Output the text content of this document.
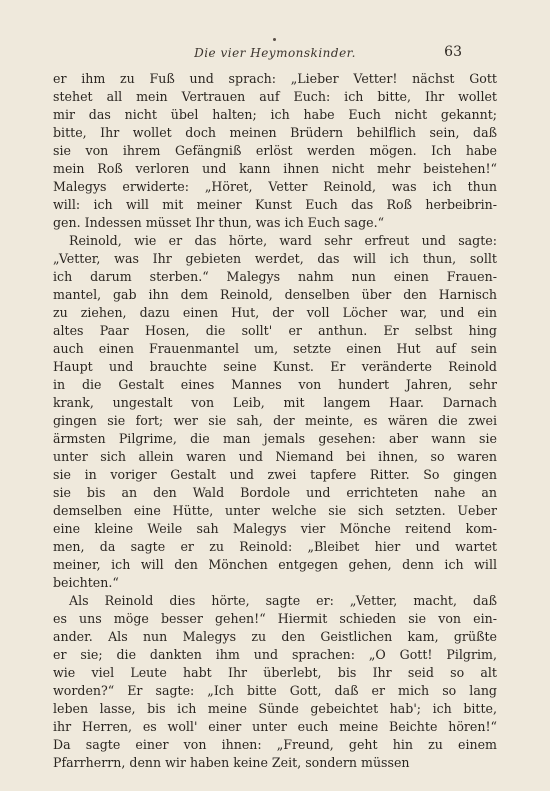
Die vier Heymonskinder.	63

er ihm zu Fuß und sprach: „Lieber Vetter! nächst Gott
stehet all mein Vertrauen auf Euch: ich bitte, Ihr wollet
mir das nicht übel halten; ich habe Euch nicht gekannt;
bitte, Ihr wollet doch meinen Brüdern behilflich sein, daß
sie von ihrem Gefängniß erlöst werden mögen. Ich habe
mein Roß verloren und kann ihnen nicht mehr beistehen!“
Malegys erwiderte: „Höret, Vetter Reinold, was ich thun
will: ich will mit meiner Kunst Euch das Roß herbeibrin-
gen. Indessen müsset Ihr thun, was ich Euch sage.“

Reinold, wie er das hörte, ward sehr erfreut und sagte:
„Vetter, was Ihr gebieten werdet, das will ich thun, sollt
ich darum sterben.“ Malegys nahm nun einen Frauen-
mantel, gab ihn dem Reinold, denselben über den Harnisch
zu ziehen, dazu einen Hut, der voll Löcher war, und ein
altes Paar Hosen, die sollt' er anthun. Er selbst hing
auch einen Frauenmantel um, setzte einen Hut auf sein
Haupt und brauchte seine Kunst. Er veränderte Reinold
in die Gestalt eines Mannes von hundert Jahren, sehr
krank, ungestalt von Leib, mit langem Haar. Darnach
gingen sie fort; wer sie sah, der meinte, es wären die zwei
ärmsten Pilgrime, die man jemals gesehen: aber wann sie
unter sich allein waren und Niemand bei ihnen, so waren
sie in voriger Gestalt und zwei tapfere Ritter. So gingen
sie bis an den Wald Bordole und errichteten nahe an
demselben eine Hütte, unter welche sie sich setzten. Ueber
eine kleine Weile sah Malegys vier Mönche reitend kom-
men, da sagte er zu Reinold: „Bleibet hier und wartet
meiner, ich will den Mönchen entgegen gehen, denn ich will
beichten.“

Als Reinold dies hörte, sagte er: „Vetter, macht, daß
es uns möge besser gehen!“ Hiermit schieden sie von ein-
ander. Als nun Malegys zu den Geistlichen kam, grüßte
er sie; die dankten ihm und sprachen: „O Gott! Pilgrim,
wie viel Leute habt Ihr überlebt, bis Ihr seid so alt
worden?“ Er sagte: „Ich bitte Gott, daß er mich so lang
leben lasse, bis ich meine Sünde gebeichtet hab'; ich bitte,
ihr Herren, es woll' einer unter euch meine Beichte hören!“
Da sagte einer von ihnen: „Freund, geht hin zu einem
Pfarrherrn, denn wir haben keine Zeit, sondern müssen
